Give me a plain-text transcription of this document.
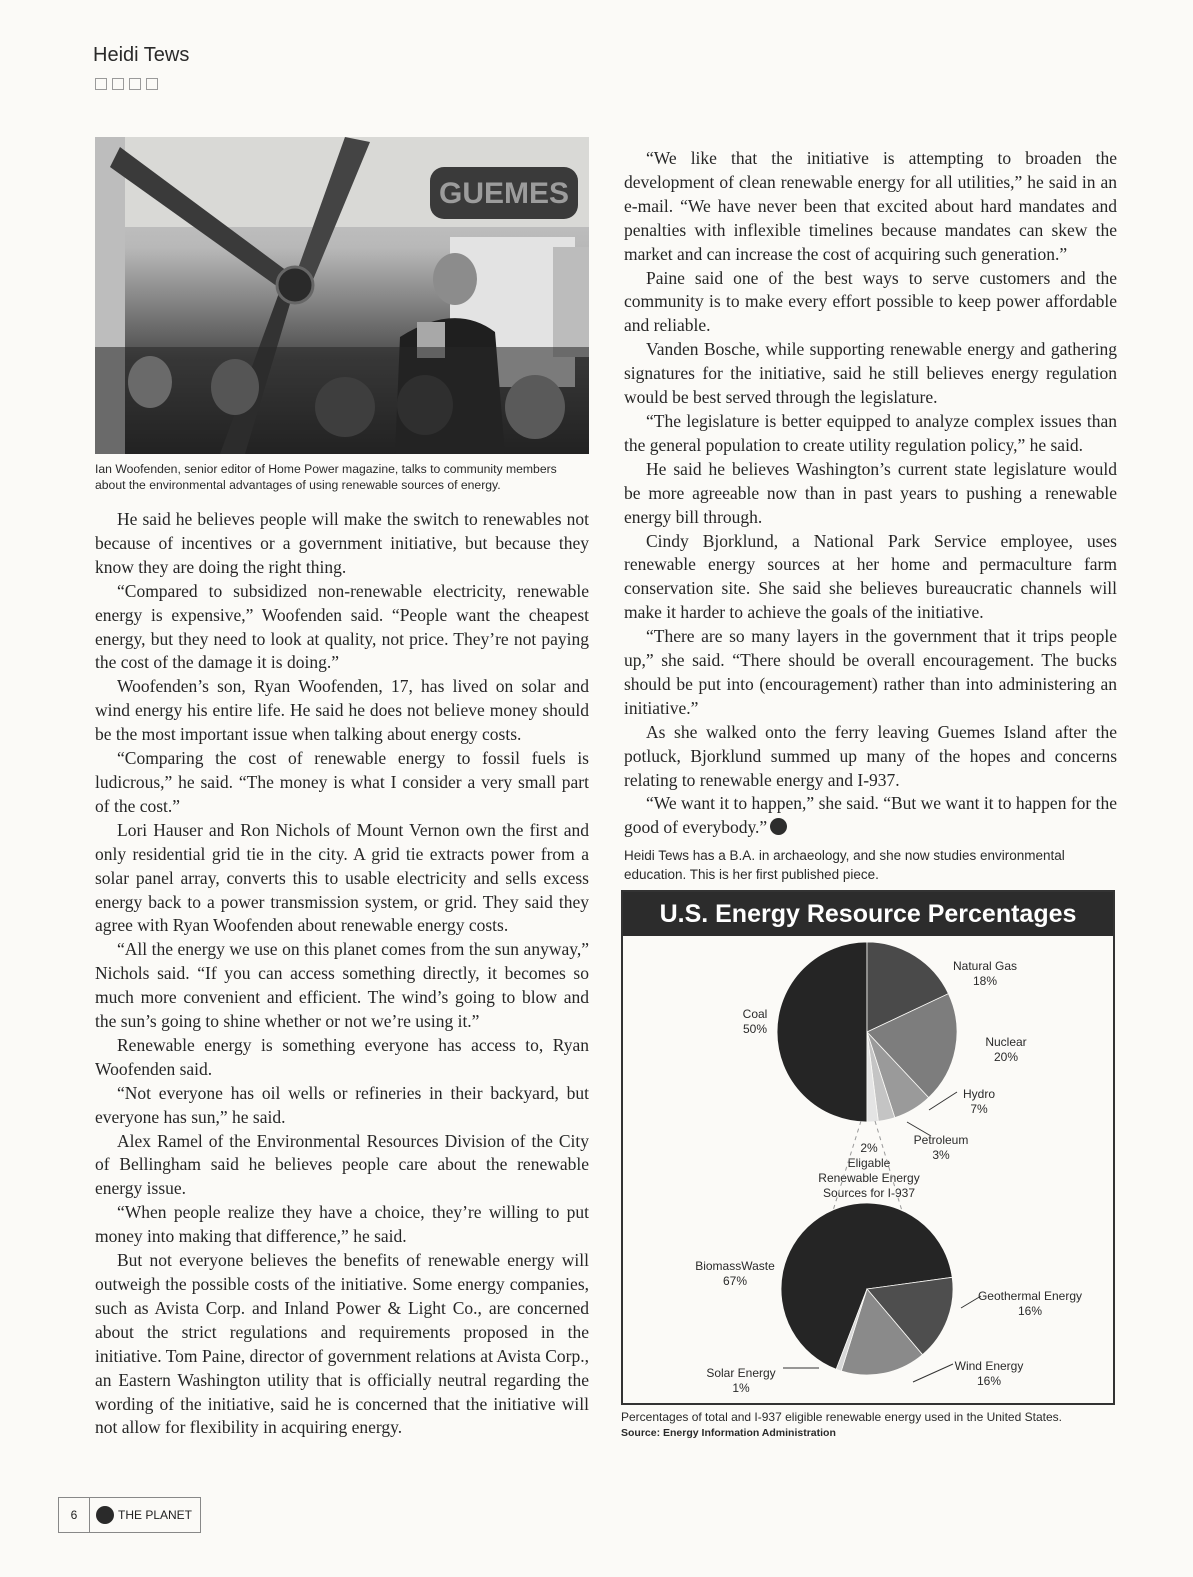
Heidi Tews
GUEMES
Ian Woofenden, senior editor of Home Power magazine, talks to community members about the environmental advantages of using renewable sources of energy.

He said he believes people will make the switch to renewables not because of incentives or a government initiative, but because they know they are doing the right thing.

“Compared to subsidized non-renewable electricity, renewable energy is expensive,” Woofenden said. “People want the cheapest energy, but they need to look at quality, not price. They’re not paying the cost of the damage it is doing.”

Woofenden’s son, Ryan Woofenden, 17, has lived on solar and wind energy his entire life. He said he does not believe money should be the most important issue when talking about energy costs.

“Comparing the cost of renewable energy to fossil fuels is ludicrous,” he said. “The money is what I consider a very small part of the cost.”

Lori Hauser and Ron Nichols of Mount Vernon own the first and only residential grid tie in the city. A grid tie extracts power from a solar panel array, converts this to usable electricity and sells excess energy back to a power transmission system, or grid. They said they agree with Ryan Woofenden about renewable energy costs.

“All the energy we use on this planet comes from the sun anyway,” Nichols said. “If you can access something directly, it becomes so much more convenient and efficient. The wind’s going to blow and the sun’s going to shine whether or not we’re using it.”

Renewable energy is something everyone has access to, Ryan Woofenden said.

“Not everyone has oil wells or refineries in their backyard, but everyone has sun,” he said.

Alex Ramel of the Environmental Resources Division of the City of Bellingham said he believes people care about the renewable energy issue.

“When people realize they have a choice, they’re willing to put money into making that difference,” he said.

But not everyone believes the benefits of renewable energy will outweigh the possible costs of the initiative. Some energy companies, such as Avista Corp. and Inland Power & Light Co., are concerned about the strict regulations and requirements proposed in the initiative. Tom Paine, director of government relations at Avista Corp., an Eastern Washington utility that is officially neutral regarding the wording of the initiative, said he is concerned that the initiative will not allow for flexibility in acquiring energy.

“We like that the initiative is attempting to broaden the development of clean renewable energy for all utilities,” he said in an e-mail. “We have never been that excited about hard mandates and penalties with inflexible timelines because mandates can skew the market and can increase the cost of acquiring such generation.”

Paine said one of the best ways to serve customers and the community is to make every effort possible to keep power affordable and reliable.

Vanden Bosche, while supporting renewable energy and gathering signatures for the initiative, said he still believes energy regulation would be best served through the legislature.

“The legislature is better equipped to analyze complex issues than the general population to create utility regulation policy,” he said.

He said he believes Washington’s current state legislature would be more agreeable now than in past years to pushing a renewable energy bill through.

Cindy Bjorklund, a National Park Service employee, uses renewable energy sources at her home and permaculture farm conservation site. She said she believes bureaucratic channels will make it harder to achieve the goals of the initiative.

“There are so many layers in the government that it trips people up,” she said. “There should be overall encouragement. The bucks should be put into (encouragement) rather than into administering an initiative.”

As she walked onto the ferry leaving Guemes Island after the potluck, Bjorklund summed up many of the hopes and concerns relating to renewable energy and I-937.

“We want it to happen,” she said. “But we want it to happen for the good of everybody.”

Heidi Tews has a B.A. in archaeology, and she now studies environmental education. This is her first published piece.
U.S. Energy Resource Percentages
Coal 50%
Natural Gas 18%
Nuclear 20%
Hydro 7%
Petroleum 3%
2% Eligable Renewable Energy Sources for I-937
BiomassWaste 67%
Geothermal Energy 16%
Wind Energy 16%
Solar Energy 1%
Percentages of total and I-937 eligible renewable energy used in the United States.
Source: Energy Information Administration
6	THE PLANET
